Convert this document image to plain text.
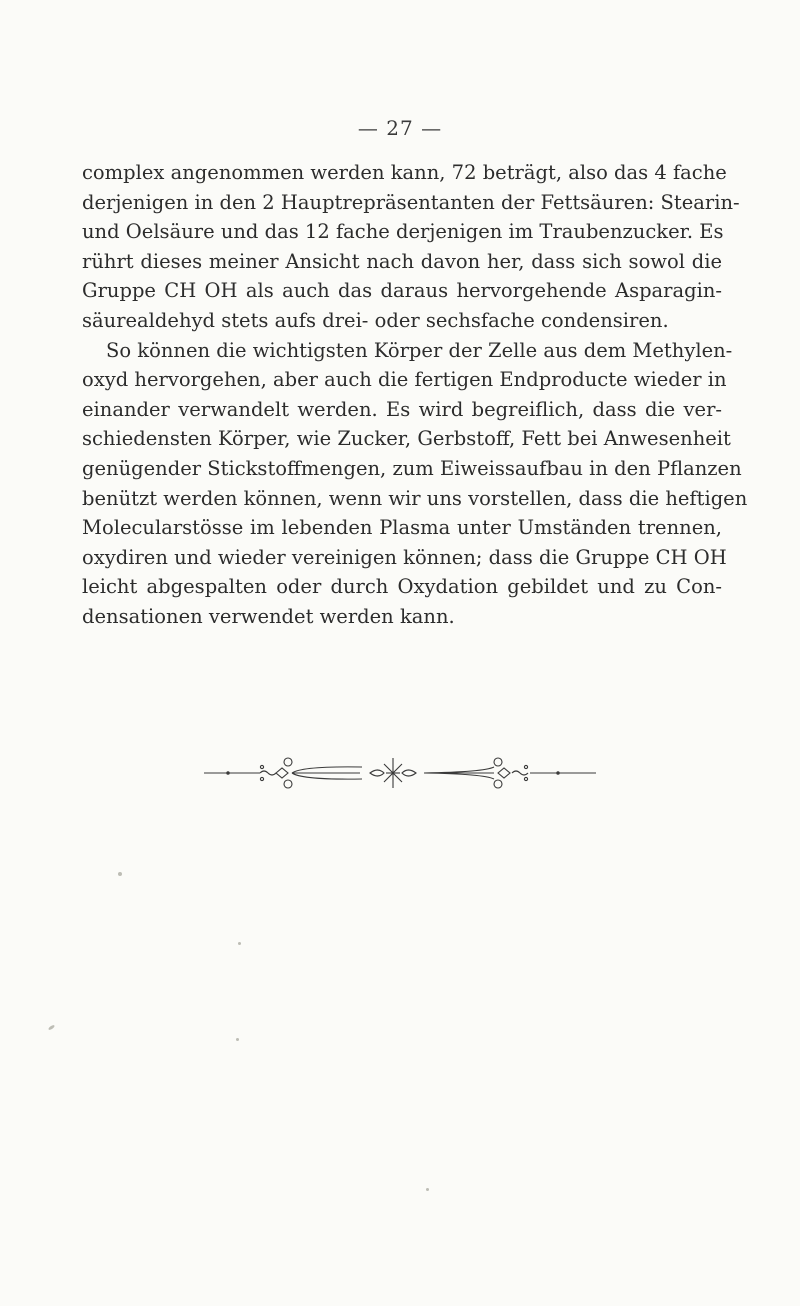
— 27 —
complex angenommen werden kann, 72 beträgt, also das 4 fache
derjenigen in den 2 Hauptrepräsentanten der Fettsäuren: Stearin-
und Oelsäure und das 12 fache derjenigen im Traubenzucker. Es
rührt dieses meiner Ansicht nach davon her, dass sich sowol die
Gruppe CH OH als auch das daraus hervorgehende Asparagin-
säurealdehyd stets aufs drei- oder sechsfache condensiren.
So können die wichtigsten Körper der Zelle aus dem Methylen-
oxyd hervorgehen, aber auch die fertigen Endproducte wieder in
einander verwandelt werden. Es wird begreiflich, dass die ver-
schiedensten Körper, wie Zucker, Gerbstoff, Fett bei Anwesenheit
genügender Stickstoffmengen, zum Eiweissaufbau in den Pflanzen
benützt werden können, wenn wir uns vorstellen, dass die heftigen
Molecularstösse im lebenden Plasma unter Umständen trennen,
oxydiren und wieder vereinigen können; dass die Gruppe CH OH
leicht abgespalten oder durch Oxydation gebildet und zu Con-
densationen verwendet werden kann.
